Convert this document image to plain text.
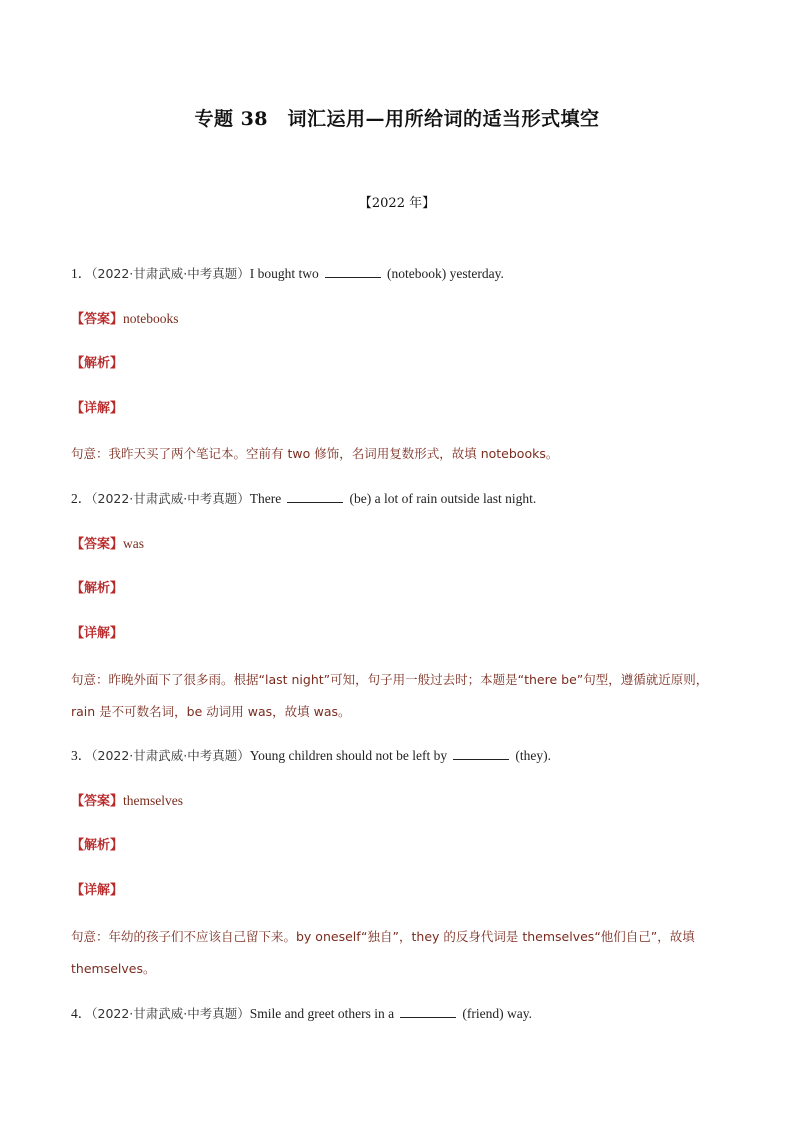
专题 38　词汇运用—用所给词的适当形式填空
【2022 年】
1．（2022·甘肃武威·中考真题）I bought two	(notebook) yesterday.
【答案】notebooks
【解析】
【详解】
句意：我昨天买了两个笔记本。空前有 two 修饰，名词用复数形式，故填 notebooks。
2．（2022·甘肃武威·中考真题）There	(be) a lot of rain outside last night.
【答案】was
【解析】
【详解】
句意：昨晚外面下了很多雨。根据“last night”可知，句子用一般过去时；本题是“there be”句型，遵循就近原则，rain 是不可数名词，be 动词用 was，故填 was。
3．（2022·甘肃武威·中考真题）Young children should not be left by	(they).
【答案】themselves
【解析】
【详解】
句意：年幼的孩子们不应该自己留下来。by oneself“独自”，they 的反身代词是 themselves“他们自己”，故填 themselves。
4．（2022·甘肃武威·中考真题）Smile and greet others in a	(friend) way.
